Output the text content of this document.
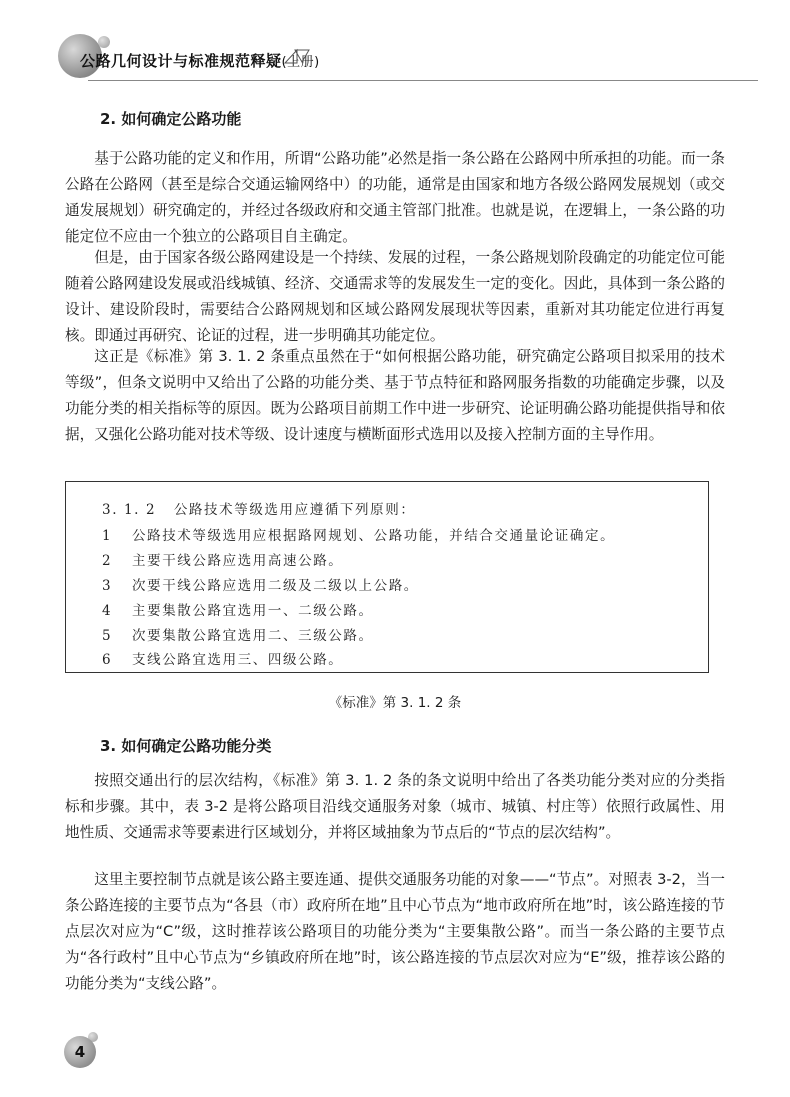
公路几何设计与标准规范释疑(上册)
2. 如何确定公路功能
基于公路功能的定义和作用，所谓“公路功能”必然是指一条公路在公路网中所承担的功能。而一条公路在公路网（甚至是综合交通运输网络中）的功能，通常是由国家和地方各级公路网发展规划（或交通发展规划）研究确定的，并经过各级政府和交通主管部门批准。也就是说，在逻辑上，一条公路的功能定位不应由一个独立的公路项目自主确定。
但是，由于国家各级公路网建设是一个持续、发展的过程，一条公路规划阶段确定的功能定位可能随着公路网建设发展或沿线城镇、经济、交通需求等的发展发生一定的变化。因此，具体到一条公路的设计、建设阶段时，需要结合公路网规划和区域公路网发展现状等因素，重新对其功能定位进行再复核。即通过再研究、论证的过程，进一步明确其功能定位。
这正是《标准》第 3. 1. 2 条重点虽然在于“如何根据公路功能，研究确定公路项目拟采用的技术等级”，但条文说明中又给出了公路的功能分类、基于节点特征和路网服务指数的功能确定步骤，以及功能分类的相关指标等的原因。既为公路项目前期工作中进一步研究、论证明确公路功能提供指导和依据，又强化公路功能对技术等级、设计速度与横断面形式选用以及接入控制方面的主导作用。
3. 1. 2 公路技术等级选用应遵循下列原则：
1 公路技术等级选用应根据路网规划、公路功能，并结合交通量论证确定。
2 主要干线公路应选用高速公路。
3 次要干线公路应选用二级及二级以上公路。
4 主要集散公路宜选用一、二级公路。
5 次要集散公路宜选用二、三级公路。
6 支线公路宜选用三、四级公路。
《标准》第 3. 1. 2 条
3. 如何确定公路功能分类
按照交通出行的层次结构，《标准》第 3. 1. 2 条的条文说明中给出了各类功能分类对应的分类指标和步骤。其中，表 3-2 是将公路项目沿线交通服务对象（城市、城镇、村庄等）依照行政属性、用地性质、交通需求等要素进行区域划分，并将区域抽象为节点后的“节点的层次结构”。
这里主要控制节点就是该公路主要连通、提供交通服务功能的对象——“节点”。对照表 3-2，当一条公路连接的主要节点为“各县（市）政府所在地”且中心节点为“地市政府所在地”时，该公路连接的节点层次对应为“C”级，这时推荐该公路项目的功能分类为“主要集散公路”。而当一条公路的主要节点为“各行政村”且中心节点为“乡镇政府所在地”时，该公路连接的节点层次对应为“E”级，推荐该公路的功能分类为“支线公路”。
4
